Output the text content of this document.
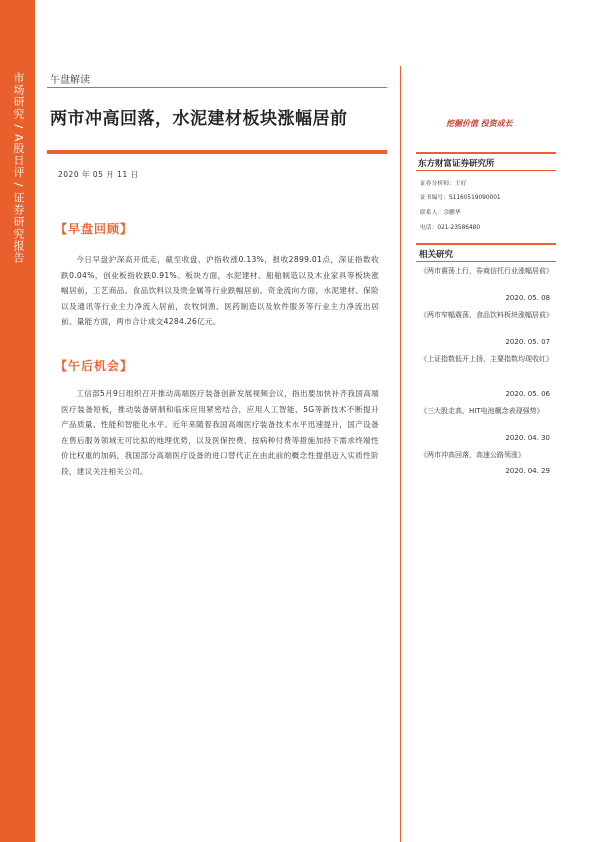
市场研究 / A股日评 / 证券研究报告	午盘解读
两市冲高回落，水泥建材板块涨幅居前
2020 年 05 月 11 日
【早盘回顾】
今日早盘沪深高开低走，截至收盘，沪指收涨0.13%，报收2899.01点，深证指数收跌0.04%，创业板指收跌0.91%。板块方面，水泥建材、船舶制造以及木业家具等板块涨幅居前，工艺商品、食品饮料以及贵金属等行业跌幅居前。资金流向方面，水泥建材、保险以及通讯等行业主力净流入居前，农牧饲渔、医药制造以及软件服务等行业主力净流出居前。量能方面，两市合计成交4284.26亿元。
【午后机会】
工信部5月9日组织召开推动高端医疗装备创新发展视频会议，指出要加快补齐我国高端医疗装备短板，推动装备研制和临床应用紧密结合，应用人工智能、5G等新技术不断提升产品质量、性能和智能化水平。近年来随着我国高端医疗装备技术水平迅速提升，国产设备在售后服务领域无可比拟的地理优势，以及医保控费、按病种付费等措施加持下需求终端性价比权重的加码，我国部分高端医疗设备的进口替代正在由此前的概念性提倡迈入实质性阶段，建议关注相关公司。
挖掘价值 投资成长
东方财富证券研究所
证券分析师：王好
证书编号：S1160519090001
联系人：佘鹏华
电话：021-23586480
相关研究
《两市震荡上行，券商信托行业涨幅居前》
2020. 05. 08
《两市窄幅震荡，食品饮料板块涨幅居前》
2020. 05. 07
《上证指数低开上扬，主要指数均现收红》
2020. 05. 06
《三大股走高，HIT电池概念表现强势》
2020. 04. 30
《两市冲高回落，高速公路领涨》
2020. 04. 29
